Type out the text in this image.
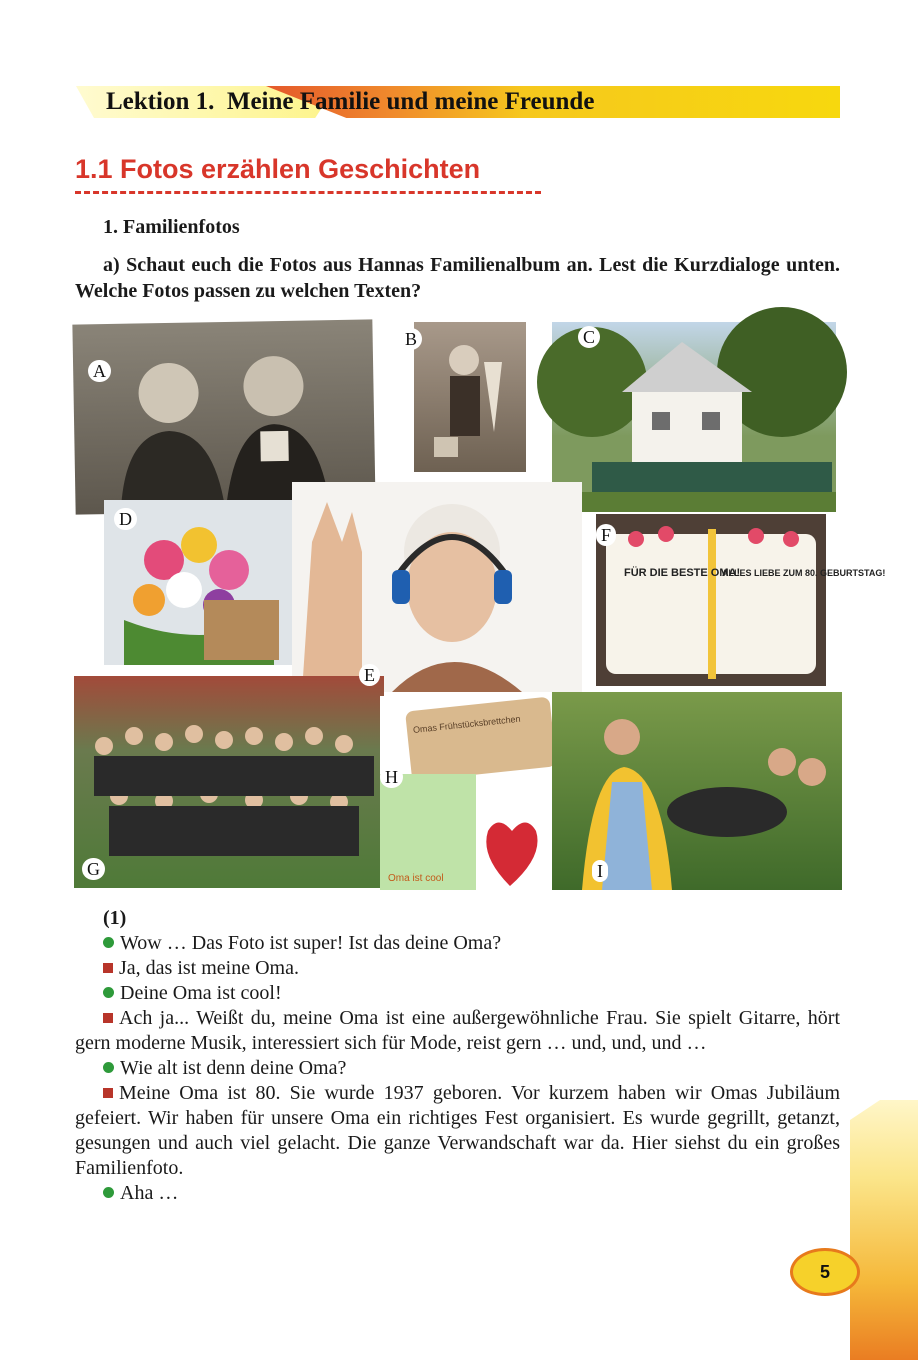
Lektion 1. Meine Familie und meine Freunde
1.1 Fotos erzählen Geschichten
1. Familienfotos
a) Schaut euch die Fotos aus Hannas Familienalbum an. Lest die Kurzdialoge unten. Welche Fotos passen zu welchen Texten?
FÜR DIE BESTE OMA!
ALLES LIEBE ZUM 80. GEBURTSTAG!
Omas Frühstücksbrettchen
Oma ist cool
A
B	C
D
E
F
G
H
I
(1)
Wow … Das Foto ist super! Ist das deine Oma?
Ja, das ist meine Oma.
Deine Oma ist cool!
Ach ja... Weißt du, meine Oma ist eine außergewöhnliche Frau. Sie spielt Gitarre, hört gern moderne Musik, interessiert sich für Mode, reist gern … und, und, und …
Wie alt ist denn deine Oma?
Meine Oma ist 80. Sie wurde 1937 geboren. Vor kurzem haben wir Omas Jubiläum gefeiert. Wir haben für unsere Oma ein richtiges Fest organisiert. Es wurde gegrillt, getanzt, gesungen und auch viel gelacht. Die ganze Verwandschaft war da. Hier siehst du ein großes Familienfoto.
Aha …
5
